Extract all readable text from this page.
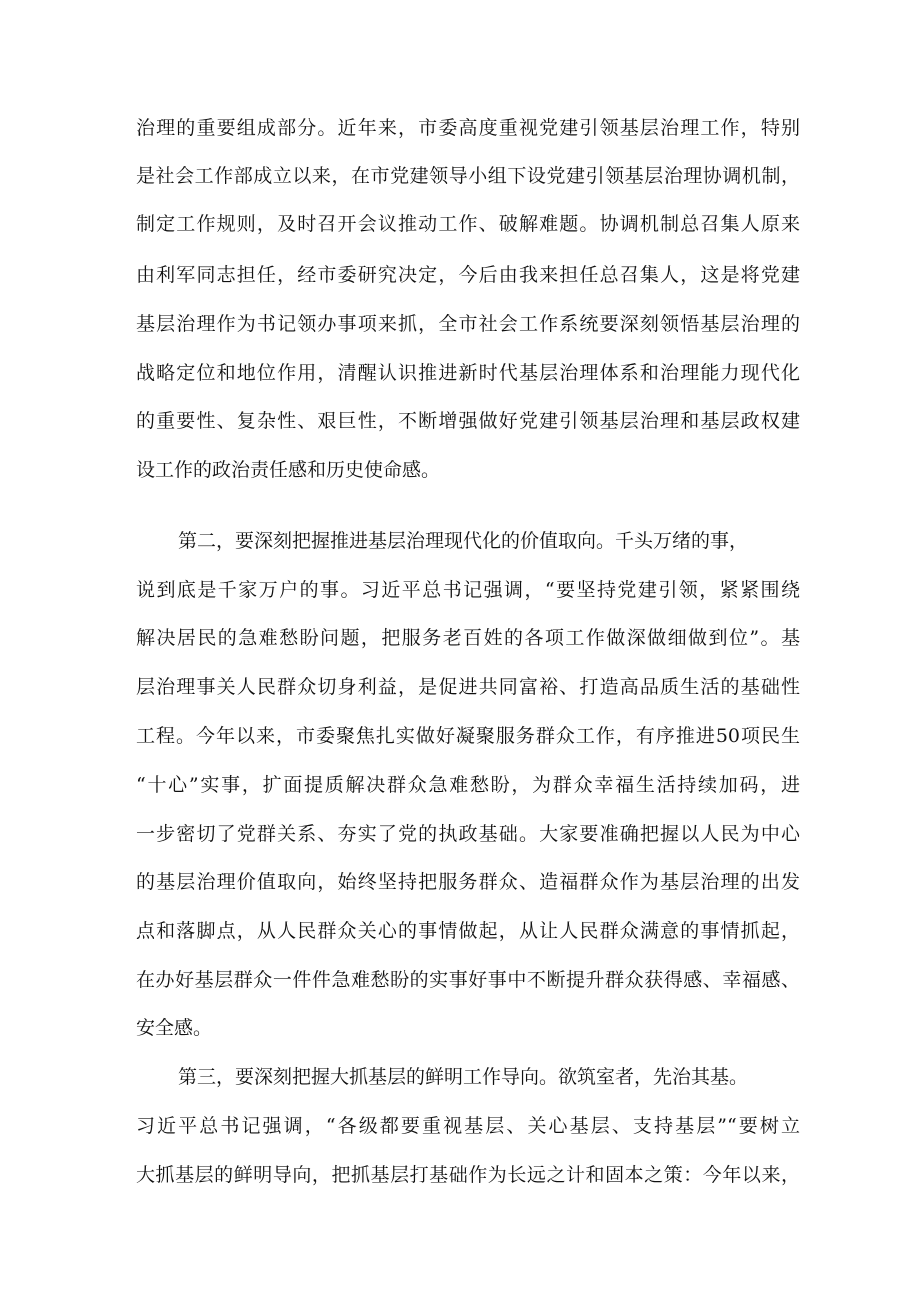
治理的重要组成部分。近年来，市委高度重视党建引领基层治理工作，特别
是社会工作部成立以来，在市党建领导小组下设党建引领基层治理协调机制，
制定工作规则，及时召开会议推动工作、破解难题。协调机制总召集人原来
由利军同志担任，经市委研究决定，今后由我来担任总召集人，这是将党建
基层治理作为书记领办事项来抓，全市社会工作系统要深刻领悟基层治理的
战略定位和地位作用，清醒认识推进新时代基层治理体系和治理能力现代化
的重要性、复杂性、艰巨性，不断增强做好党建引领基层治理和基层政权建
设工作的政治责任感和历史使命感。
第二，要深刻把握推进基层治理现代化的价值取向。千头万绪的事，
说到底是千家万户的事。习近平总书记强调，“要坚持党建引领，紧紧围绕
解决居民的急难愁盼问题，把服务老百姓的各项工作做深做细做到位”。基
层治理事关人民群众切身利益，是促进共同富裕、打造高品质生活的基础性
工程。今年以来，市委聚焦扎实做好凝聚服务群众工作，有序推进50项民生
“十心”实事，扩面提质解决群众急难愁盼，为群众幸福生活持续加码，进
一步密切了党群关系、夯实了党的执政基础。大家要准确把握以人民为中心
的基层治理价值取向，始终坚持把服务群众、造福群众作为基层治理的出发
点和落脚点，从人民群众关心的事情做起，从让人民群众满意的事情抓起，
在办好基层群众一件件急难愁盼的实事好事中不断提升群众获得感、幸福感、
安全感。
第三，要深刻把握大抓基层的鲜明工作导向。欲筑室者，先治其基。
习近平总书记强调，“各级都要重视基层、关心基层、支持基层”“要树立
大抓基层的鲜明导向，把抓基层打基础作为长远之计和固本之策：今年以来，
